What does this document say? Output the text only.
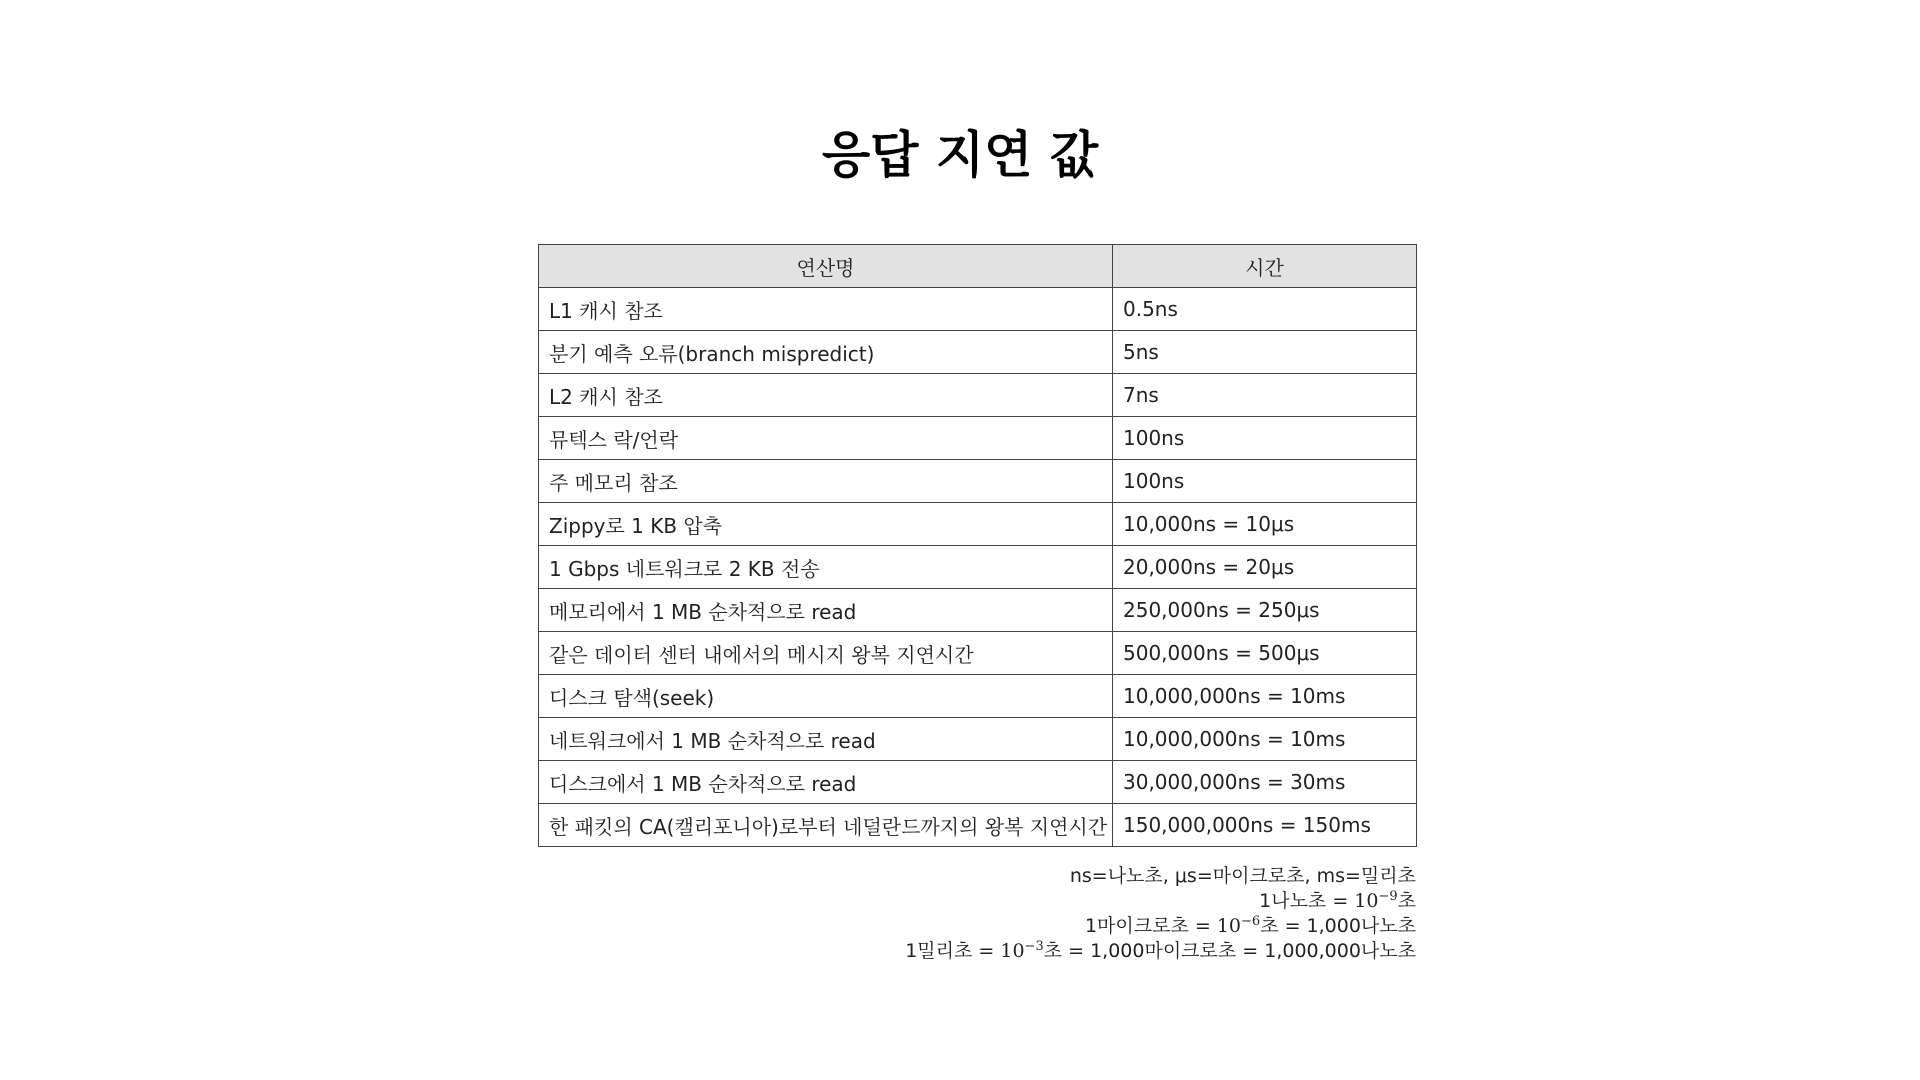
응답 지연 값
연산명	시간
L1 캐시 참조	0.5ns
분기 예측 오류(branch mispredict)	5ns
L2 캐시 참조	7ns
뮤텍스 락/언락	100ns
주 메모리 참조	100ns
Zippy로 1 KB 압축	10,000ns = 10μs
1 Gbps 네트워크로 2 KB 전송	20,000ns = 20μs
메모리에서 1 MB 순차적으로 read	250,000ns = 250μs
같은 데이터 센터 내에서의 메시지 왕복 지연시간	500,000ns = 500μs
디스크 탐색(seek)	10,000,000ns = 10ms
네트워크에서 1 MB 순차적으로 read	10,000,000ns = 10ms
디스크에서 1 MB 순차적으로 read	30,000,000ns = 30ms
한 패킷의 CA(캘리포니아)로부터 네덜란드까지의 왕복 지연시간	150,000,000ns = 150ms
ns=나노초, μs=마이크로초, ms=밀리초
1나노초 = $10^{-9}$초
1마이크로초 = $10^{-6}$초 = 1,000나노초
1밀리초 = $10^{-3}$초 = 1,000마이크로초 = 1,000,000나노초
